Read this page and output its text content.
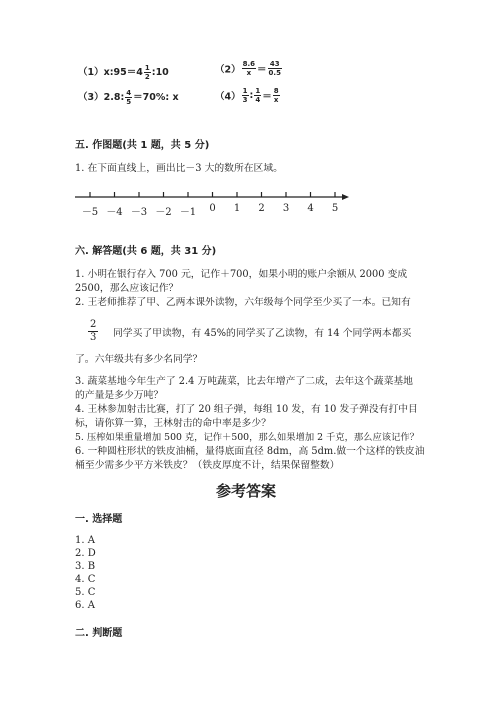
（1）x:95＝4 $\frac{1}{2}$ :10	$(2) \frac{8.6}{x} = \frac{43}{0.5}$
（3）2.8: $\frac{4}{5} =70\%$: x	$(4) \frac{1}{3}$ : $\frac{1}{4} = \frac{8}{x}$
五. 作图题(共 1 题，共 5 分)
1. 在下面直线上，画出比－3 大的数所在区域。
－5 －4 －3 －2 －1 0 1 2 3 4 5
六. 解答题(共 6 题，共 31 分)
1. 小明在银行存入 700 元，记作＋700，如果小明的账户余额从 2000 变成
2500，那么应该记作？
2. 王老师推荐了甲、乙两本课外读物，六年级每个同学至少买了一本。已知有
$\frac{2}{3}$ 同学买了甲读物，有 45%的同学买了乙读物，有 14 个同学两本都买
了。六年级共有多少名同学？
3. 蔬菜基地今年生产了 2.4 万吨蔬菜，比去年增产了二成，去年这个蔬菜基地
的产量是多少万吨？
4. 王林参加射击比赛，打了 20 组子弹，每组 10 发，有 10 发子弹没有打中目
标，请你算一算，王林射击的命中率是多少？
5. 压榨如果重量增加 500 克，记作＋500，那么如果增加 2 千克，那么应该记作？
6. 一种圆柱形状的铁皮油桶，量得底面直径 8dm，高 5dm.做一个这样的铁皮油
桶至少需多少平方米铁皮？（铁皮厚度不计，结果保留整数）
参考答案
一. 选择题
1. A
2. D
3. B
4. C
5. C
6. A
二. 判断题
